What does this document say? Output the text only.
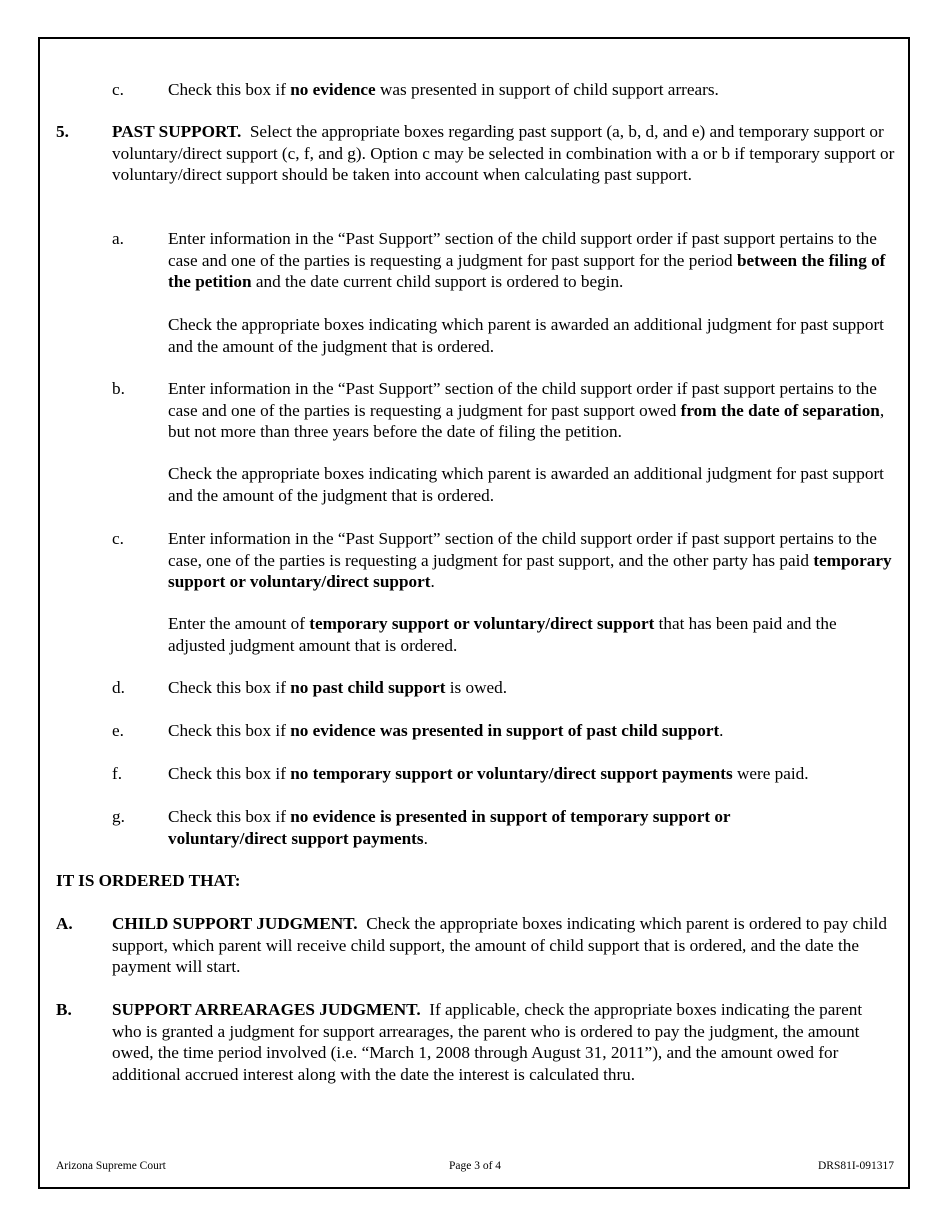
c.	Check this box if no evidence was presented in support of child support arrears.
5.	PAST SUPPORT. Select the appropriate boxes regarding past support (a, b, d, and e) and temporary support or voluntary/direct support (c, f, and g). Option c may be selected in combination with a or b if temporary support or voluntary/direct support should be taken into account when calculating past support.
a.	Enter information in the “Past Support” section of the child support order if past support pertains to the case and one of the parties is requesting a judgment for past support for the period between the filing of the petition and the date current child support is ordered to begin.
Check the appropriate boxes indicating which parent is awarded an additional judgment for past support and the amount of the judgment that is ordered.
b.	Enter information in the “Past Support” section of the child support order if past support pertains to the case and one of the parties is requesting a judgment for past support owed from the date of separation, but not more than three years before the date of filing the petition.
Check the appropriate boxes indicating which parent is awarded an additional judgment for past support and the amount of the judgment that is ordered.
c.	Enter information in the “Past Support” section of the child support order if past support pertains to the case, one of the parties is requesting a judgment for past support, and the other party has paid temporary support or voluntary/direct support.
Enter the amount of temporary support or voluntary/direct support that has been paid and the adjusted judgment amount that is ordered.
d.	Check this box if no past child support is owed.
e.	Check this box if no evidence was presented in support of past child support.
f.	Check this box if no temporary support or voluntary/direct support payments were paid.
g.	Check this box if no evidence is presented in support of temporary support or voluntary/direct support payments.
IT IS ORDERED THAT:
A. CHILD SUPPORT JUDGMENT. Check the appropriate boxes indicating which parent is ordered to pay child support, which parent will receive child support, the amount of child support that is ordered, and the date the payment will start.
B. SUPPORT ARREARAGES JUDGMENT. If applicable, check the appropriate boxes indicating the parent who is granted a judgment for support arrearages, the parent who is ordered to pay the judgment, the amount owed, the time period involved (i.e. “March 1, 2008 through August 31, 2011”), and the amount owed for additional accrued interest along with the date the interest is calculated thru.
Arizona Supreme Court	Page 3 of 4	DRS81I-091317
